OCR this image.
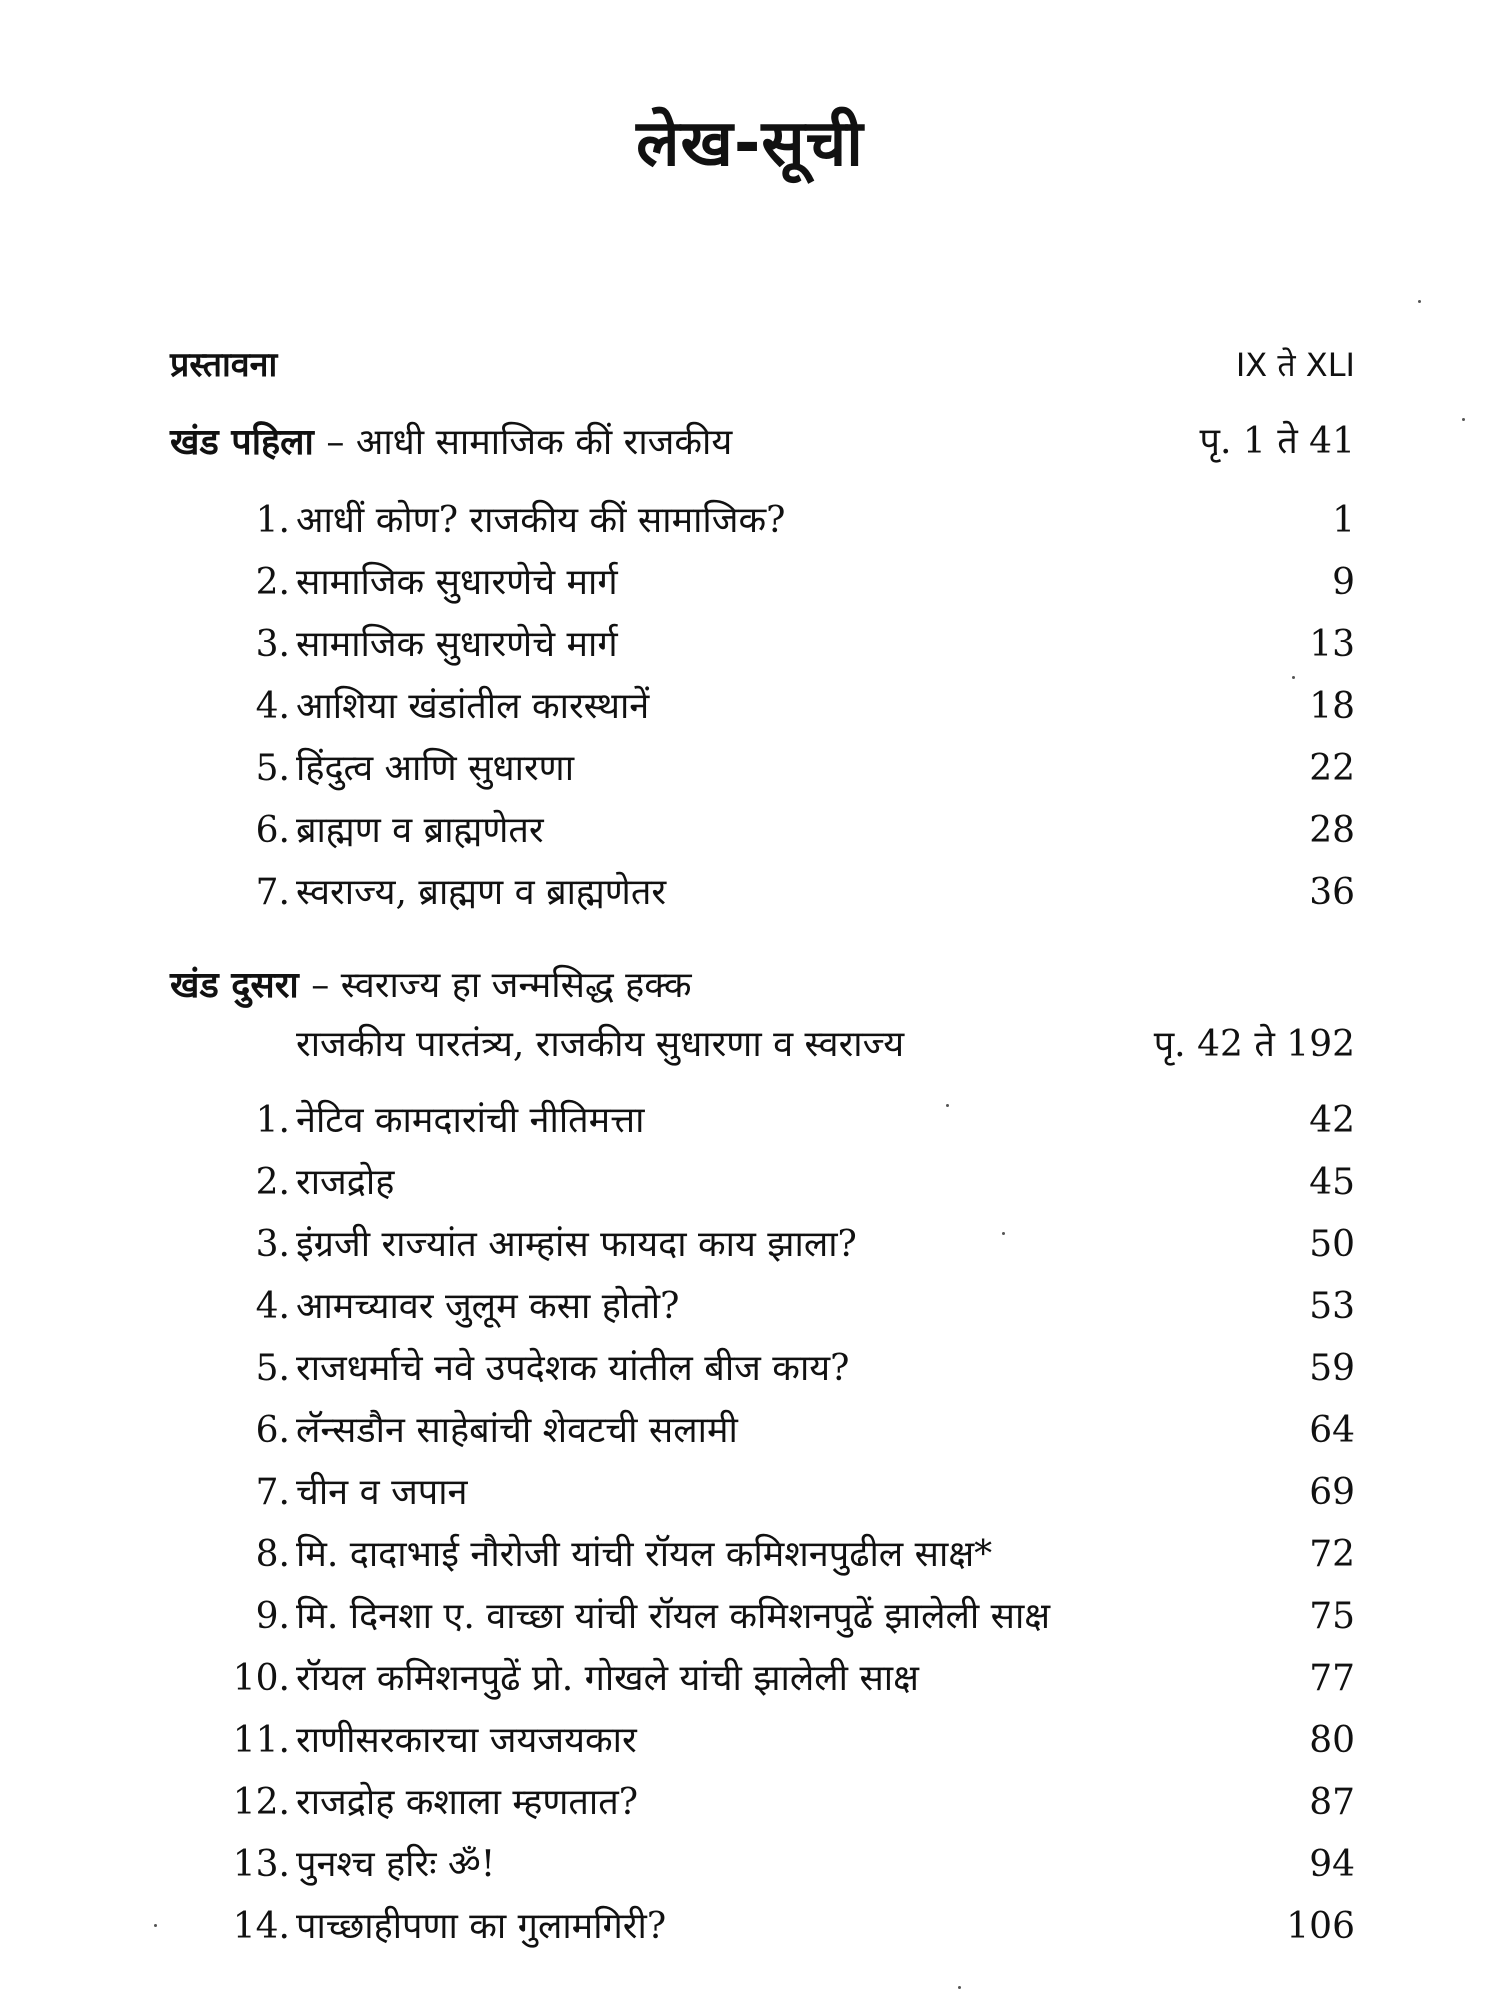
लेख-सूची
प्रस्तावना	IX ते XLI
खंड पहिला – आधी सामाजिक कीं राजकीय	पृ. 1 ते 41
1. आधीं कोण? राजकीय कीं सामाजिक?	1
2. सामाजिक सुधारणेचे मार्ग	9
3. सामाजिक सुधारणेचे मार्ग	13
4. आशिया खंडांतील कारस्थानें	18
5. हिंदुत्व आणि सुधारणा	22
6. ब्राह्मण व ब्राह्मणेतर	28
7. स्वराज्य, ब्राह्मण व ब्राह्मणेतर	36
खंड दुसरा – स्वराज्य हा जन्मसिद्ध हक्क
राजकीय पारतंत्र्य, राजकीय सुधारणा व स्वराज्य	पृ. 42 ते 192
1. नेटिव कामदारांची नीतिमत्ता	42
2. राजद्रोह	45
3. इंग्रजी राज्यांत आम्हांस फायदा काय झाला?	50
4. आमच्यावर जुलूम कसा होतो?	53
5. राजधर्माचे नवे उपदेशक यांतील बीज काय?	59
6. लॅन्सडौन साहेबांची शेवटची सलामी	64
7. चीन व जपान	69
8. मि. दादाभाई नौरोजी यांची रॉयल कमिशनपुढील साक्ष*	72
9. मि. दिनशा ए. वाच्छा यांची रॉयल कमिशनपुढें झालेली साक्ष	75
10. रॉयल कमिशनपुढें प्रो. गोखले यांची झालेली साक्ष	77
11. राणीसरकारचा जयजयकार	80
12. राजद्रोह कशाला म्हणतात?	87
13. पुनश्च हरिः ॐ!	94
14. पाच्छाहीपणा का गुलामगिरी?	106
